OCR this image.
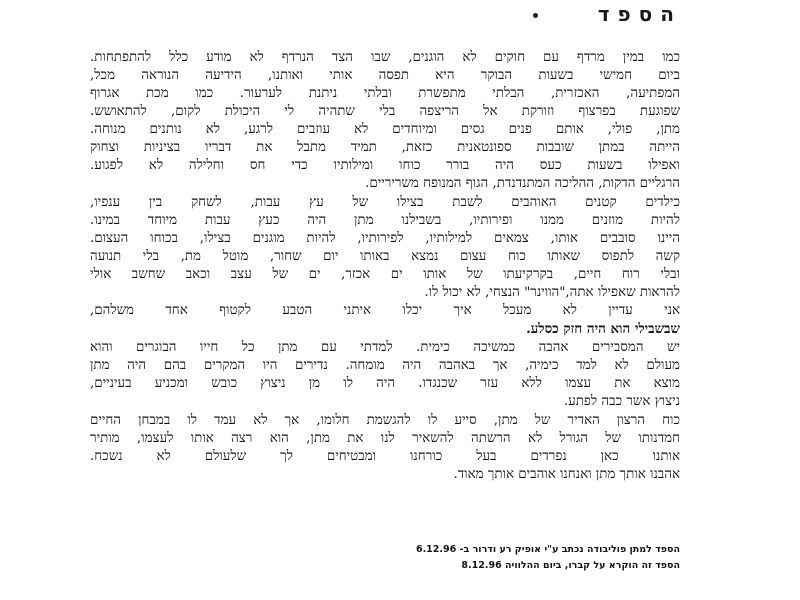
הספד
כמו במין מרדף עם חוקים לא הוגנים, שבו הצד הנרדף לא מודע כלל להתפתחות.
ביום חמישי בשעות הבוקר היא תפסה אותי ואותנו, הידיעה הנוראה מכל,
המפתיעה, האכזרית, הבלתי מתפשרת ובלתי ניתנת לערעור. כמו מכת אגרוף
שפוגעת בפרצוף וזורקת אל הריצפה בלי שתהיה לי היכולת לקום, להתאושש.
מתן, פולי, אותם פנים גסים ומיוחדים לא עוזבים לרגע, לא נותנים מנוחה.
הייתה במתן שובבות ספונטאנית כזאת, תמיד מתבל את דבריו בציניות וצחוק
ואפילו בשעות כעס היה בורר כוחו ומילותיו כדי חס וחלילה לא לפגוע.
הרגליים הדקות, ההליכה המתנדנדת, הגוף המנופח משריריים.
כילדים קטנים האוהבים לשבת בצילו של עץ עבות, לשחק בין ענפיו,
להיות מוזנים ממנו ופירותיו, בשבילנו מתן היה כעץ עבות מיוחד במינו.
היינו סובבים אותו, צמאים למילותיו, לפירותיו, להיות מוגנים בצילו, בכוחו העצום.
קשה לתפוס שאותו כוח עצום נמצא באותו יום שחור, מוטל מת, בלי תנועה
ובלי רוח חיים, בקרקיעתו של אותו ים אכזר, ים של עצב וכאב שחשב אולי
להראות שאפילו אתה,"הווינר" הנצחי, לא יכול לו.
אני עדיין לא מעכל איך יכלו איתני הטבע לקטוף אחד משלהם,
שבשבילי הוא היה חזק כסלע.
יש המסבירים אהבה כמשיכה כימית. למדתי עם מתן כל חייו הבוגרים והוא
מעולם לא למד כימיה, אך באהבה היה מומחה. נדירים היו המקרים בהם היה מתן
מוצא את עצמו ללא עזר שכנגדו. היה לו מן ניצוץ כובש ומכניע בעיניים,
ניצוץ אשר כבה לפתע.
כוח הרצון האדיר של מתן, סייע לו להגשמת חלומו, אך לא עמד לו במבחן החיים
חמדנותו של הגורל לא הרשתה להשאיר לנו את מתן, הוא רצה אותו לעצמו, מותיר
אותנו כאן נפרדים בעל כורחנו ומבטיחים לך שלעולם לא נשכח.
אהבנו אותך מתן ואנחנו אוהבים אותך מאוד.
הספד למתן פוליבודה נכתב ע"י אופיק רע ודרור ב- 6.12.96
הספד זה הוקרא על קברו, ביום ההלוויה 8.12.96
